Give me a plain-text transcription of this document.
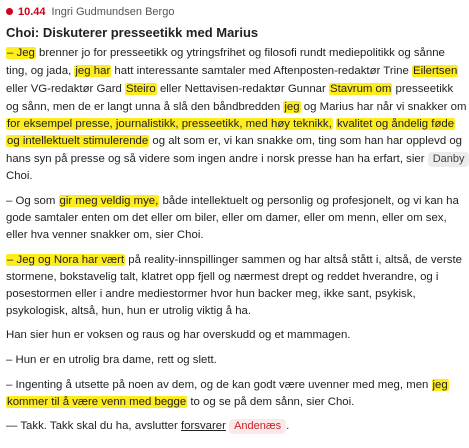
10.44 Ingri Gudmundsen Bergo
Choi: Diskuterer presseetikk med Marius
– Jeg brenner jo for presseetikk og ytringsfrihet og filosofi rundt mediepolitikk og sånne
ting, og jada, jeg har hatt interessante samtaler med Aftenposten-redaktør Trine Eilertsen
eller VG-redaktør Gard Steiro eller Nettavisen-redaktør Gunnar Stavrum om presseetikk
og sånn, men de er langt unna å slå den båndbredden jeg og Marius har når vi snakker om
for eksempel presse, journalistikk, presseetikk, med høy teknikk, kvalitet og åndelig føde
og intellektuelt stimulerende og alt som er, vi kan snakke om, ting som han har opplevd og
hans syn på presse og så videre som ingen andre i norsk presse han ha erfart, sier Danby
Choi.
– Og som gir meg veldig mye, både intellektuelt og personlig og profesjonelt, og vi kan ha
gode samtaler enten om det eller om biler, eller om damer, eller om menn, eller om sex,
eller hva venner snakker om, sier Choi.
– Jeg og Nora har vært på reality-innspillinger sammen og har altså stått i, altså, de verste
stormene, bokstavelig talt, klatret opp fjell og nærmest drept og reddet hverandre, og i
posestormen eller i andre mediestormer hvor hun backer meg, ikke sant, psykisk,
psykologisk, altså, hun, hun er utrolig viktig å ha.
Han sier hun er voksen og raus og har overskudd og et mammagen.
– Hun er en utrolig bra dame, rett og slett.
– Ingenting å utsette på noen av dem, og de kan godt være uvenner med meg, men jeg
kommer til å være venn med begge to og se på dem sånn, sier Choi.
— Takk. Takk skal du ha, avslutter forsvarer Andenæs .
